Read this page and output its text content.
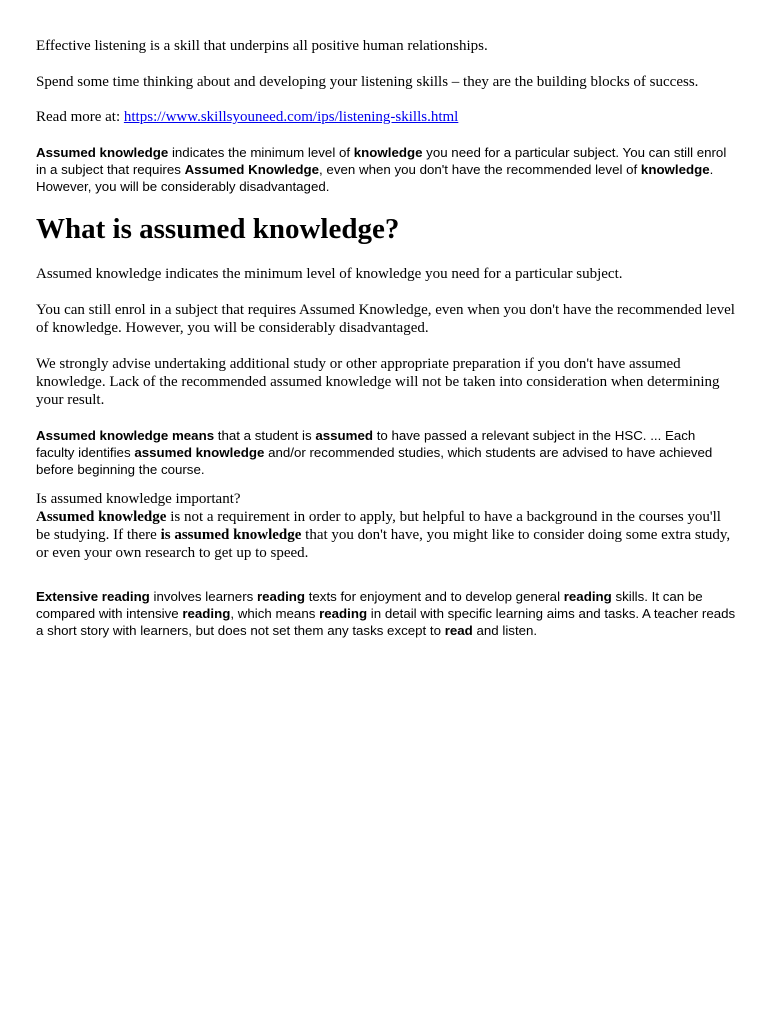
Effective listening is a skill that underpins all positive human relationships.

Spend some time thinking about and developing your listening skills – they are the building blocks of success.

Read more at: https://www.skillsyouneed.com/ips/listening-skills.html

Assumed knowledge indicates the minimum level of knowledge you need for a particular subject. You can still enrol in a subject that requires Assumed Knowledge, even when you don't have the recommended level of knowledge. However, you will be considerably disadvantaged.

What is assumed knowledge?

Assumed knowledge indicates the minimum level of knowledge you need for a particular subject.

You can still enrol in a subject that requires Assumed Knowledge, even when you don't have the recommended level of knowledge. However, you will be considerably disadvantaged.

We strongly advise undertaking additional study or other appropriate preparation if you don't have assumed knowledge. Lack of the recommended assumed knowledge will not be taken into consideration when determining your result.

Assumed knowledge means that a student is assumed to have passed a relevant subject in the HSC. ... Each faculty identifies assumed knowledge and/or recommended studies, which students are advised to have achieved before beginning the course.

Is assumed knowledge important?
Assumed knowledge is not a requirement in order to apply, but helpful to have a background in the courses you'll be studying. If there is assumed knowledge that you don't have, you might like to consider doing some extra study, or even your own research to get up to speed.

Extensive reading involves learners reading texts for enjoyment and to develop general reading skills. It can be compared with intensive reading, which means reading in detail with specific learning aims and tasks. A teacher reads a short story with learners, but does not set them any tasks except to read and listen.
